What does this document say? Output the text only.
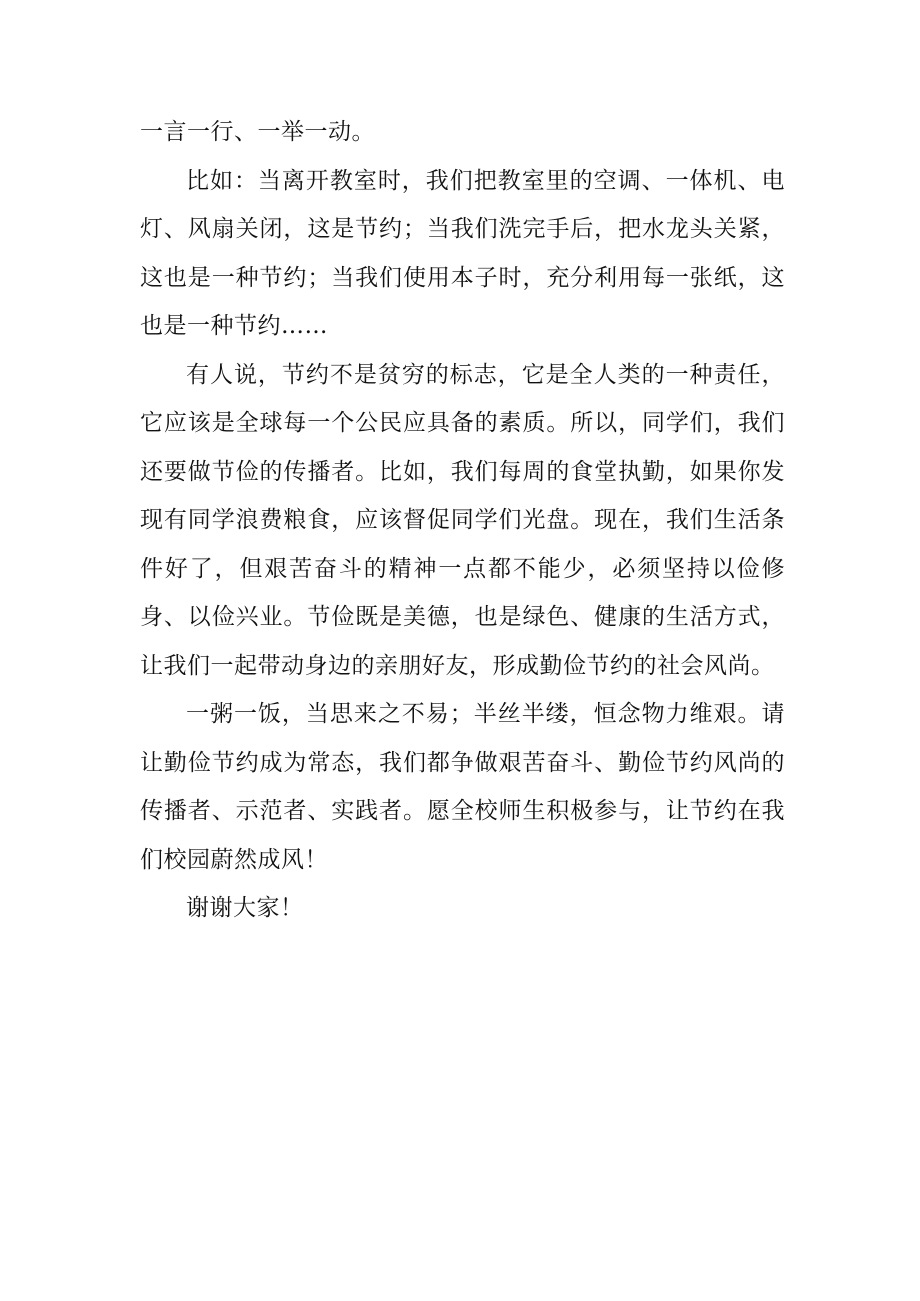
一言一行、一举一动。

比如：当离开教室时，我们把教室里的空调、一体机、电灯、风扇关闭，这是节约；当我们洗完手后，把水龙头关紧，这也是一种节约；当我们使用本子时，充分利用每一张纸，这也是一种节约……

有人说，节约不是贫穷的标志，它是全人类的一种责任，它应该是全球每一个公民应具备的素质。所以，同学们，我们还要做节俭的传播者。比如，我们每周的食堂执勤，如果你发现有同学浪费粮食，应该督促同学们光盘。现在，我们生活条件好了，但艰苦奋斗的精神一点都不能少，必须坚持以俭修身、以俭兴业。节俭既是美德，也是绿色、健康的生活方式，让我们一起带动身边的亲朋好友，形成勤俭节约的社会风尚。

一粥一饭，当思来之不易；半丝半缕，恒念物力维艰。请让勤俭节约成为常态，我们都争做艰苦奋斗、勤俭节约风尚的传播者、示范者、实践者。愿全校师生积极参与，让节约在我们校园蔚然成风！

谢谢大家！
